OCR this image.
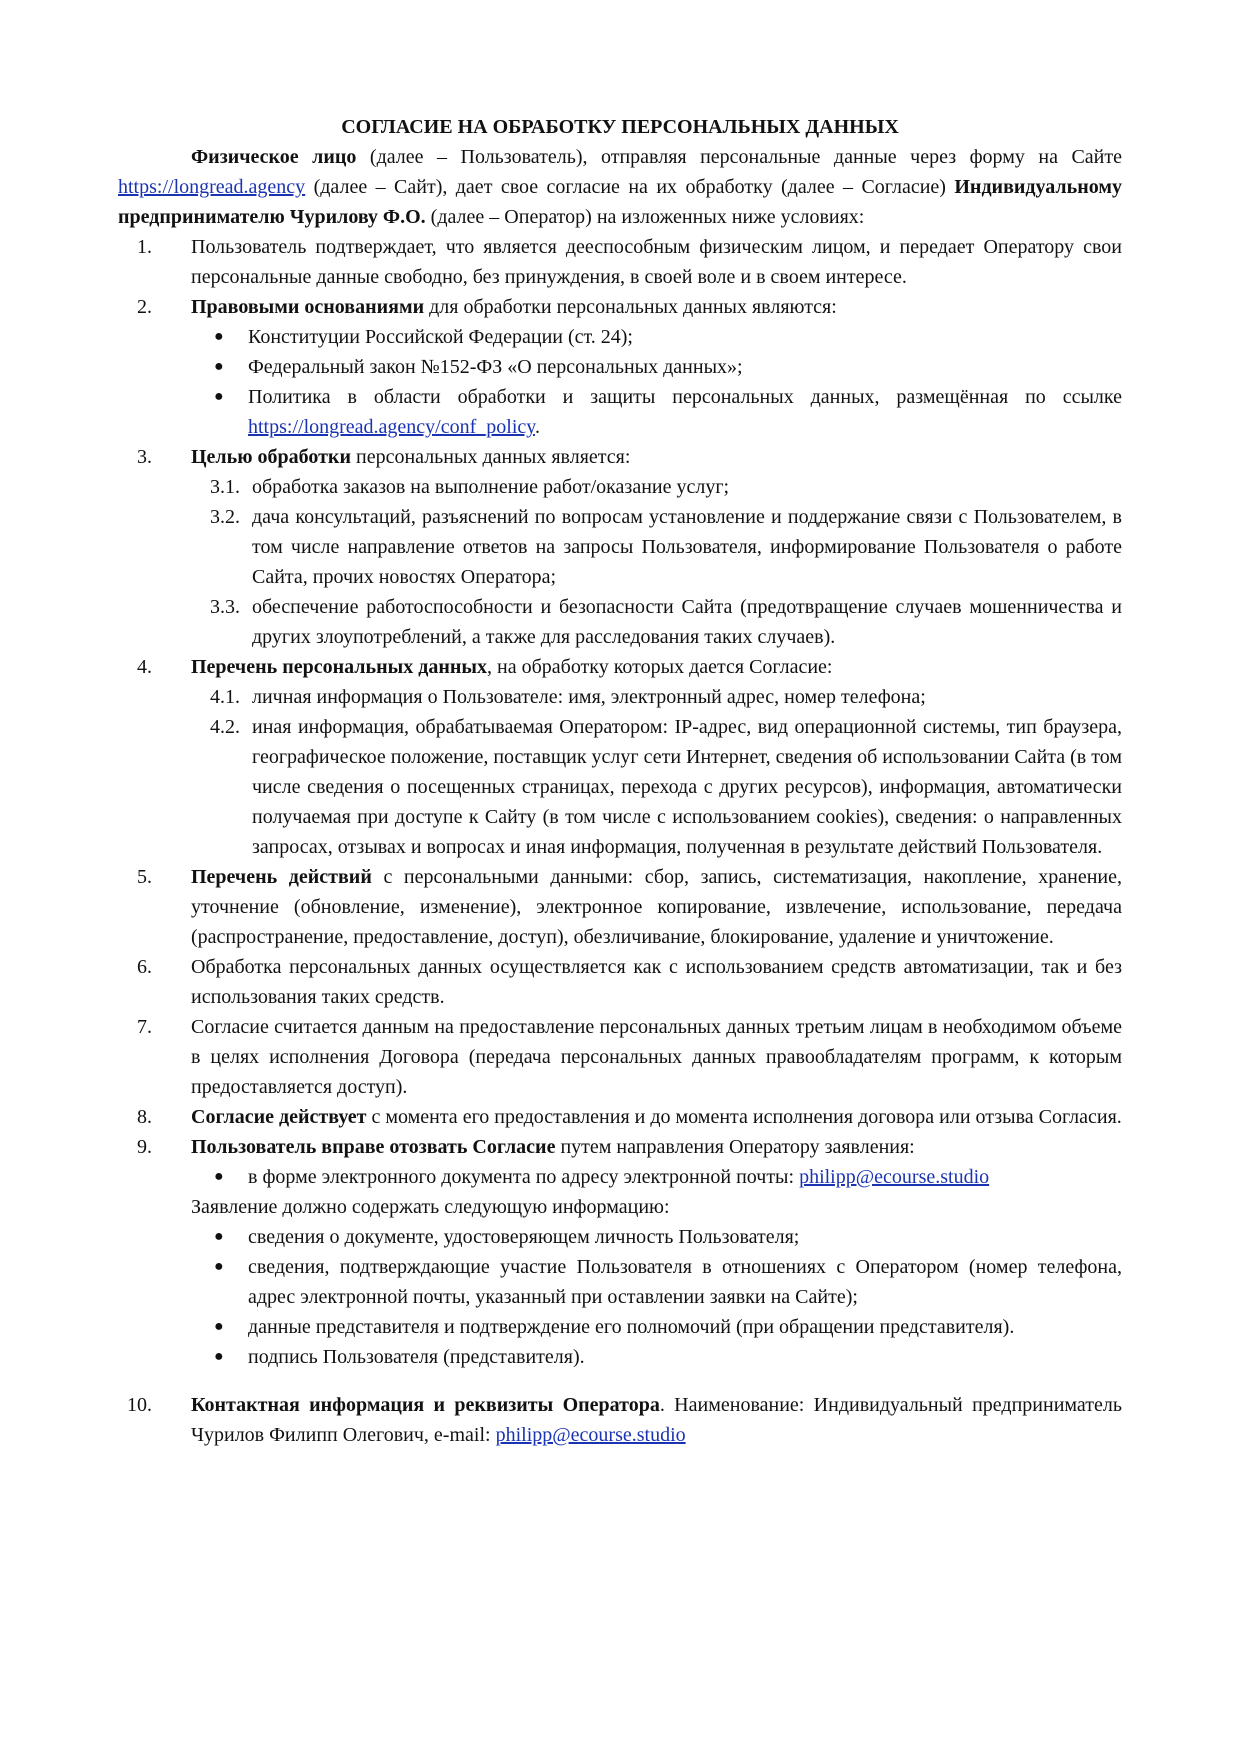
СОГЛАСИЕ НА ОБРАБОТКУ ПЕРСОНАЛЬНЫХ ДАННЫХ

Физическое лицо (далее – Пользователь), отправляя персональные данные через форму на Сайте https://longread.agency (далее – Сайт), дает свое согласие на их обработку (далее – Согласие) Индивидуальному предпринимателю Чурилову Ф.О. (далее – Оператор) на изложенных ниже условиях:

1. Пользователь подтверждает, что является дееспособным физическим лицом, и передает Оператору свои персональные данные свободно, без принуждения, в своей воле и в своем интересе.
2. Правовыми основаниями для обработки персональных данных являются:
● Конституции Российской Федерации (ст. 24);
● Федеральный закон №152-ФЗ «О персональных данных»;
● Политика в области обработки и защиты персональных данных, размещённая по ссылке https://longread.agency/conf_policy.
3. Целью обработки персональных данных является:
3.1. обработка заказов на выполнение работ/оказание услуг;
3.2. дача консультаций, разъяснений по вопросам установление и поддержание связи с Пользователем, в том числе направление ответов на запросы Пользователя, информирование Пользователя о работе Сайта, прочих новостях Оператора;
3.3. обеспечение работоспособности и безопасности Сайта (предотвращение случаев мошенничества и других злоупотреблений, а также для расследования таких случаев).
4. Перечень персональных данных, на обработку которых дается Согласие:
4.1. личная информация о Пользователе: имя, электронный адрес, номер телефона;
4.2. иная информация, обрабатываемая Оператором: IP-адрес, вид операционной системы, тип браузера, географическое положение, поставщик услуг сети Интернет, сведения об использовании Сайта (в том числе сведения о посещенных страницах, перехода с других ресурсов), информация, автоматически получаемая при доступе к Сайту (в том числе с использованием cookies), сведения: о направленных запросах, отзывах и вопросах и иная информация, полученная в результате действий Пользователя.
5. Перечень действий с персональными данными: сбор, запись, систематизация, накопление, хранение, уточнение (обновление, изменение), электронное копирование, извлечение, использование, передача (распространение, предоставление, доступ), обезличивание, блокирование, удаление и уничтожение.
6. Обработка персональных данных осуществляется как с использованием средств автоматизации, так и без использования таких средств.
7. Согласие считается данным на предоставление персональных данных третьим лицам в необходимом объеме в целях исполнения Договора (передача персональных данных правообладателям программ, к которым предоставляется доступ).
8. Согласие действует с момента его предоставления и до момента исполнения договора или отзыва Согласия.
9. Пользователь вправе отозвать Согласие путем направления Оператору заявления:
● в форме электронного документа по адресу электронной почты: philipp@ecourse.studio
Заявление должно содержать следующую информацию:
● сведения о документе, удостоверяющем личность Пользователя;
● сведения, подтверждающие участие Пользователя в отношениях с Оператором (номер телефона, адрес электронной почты, указанный при оставлении заявки на Сайте);
● данные представителя и подтверждение его полномочий (при обращении представителя).
● подпись Пользователя (представителя).
10. Контактная информация и реквизиты Оператора. Наименование: Индивидуальный предприниматель Чурилов Филипп Олегович, e-mail: philipp@ecourse.studio
